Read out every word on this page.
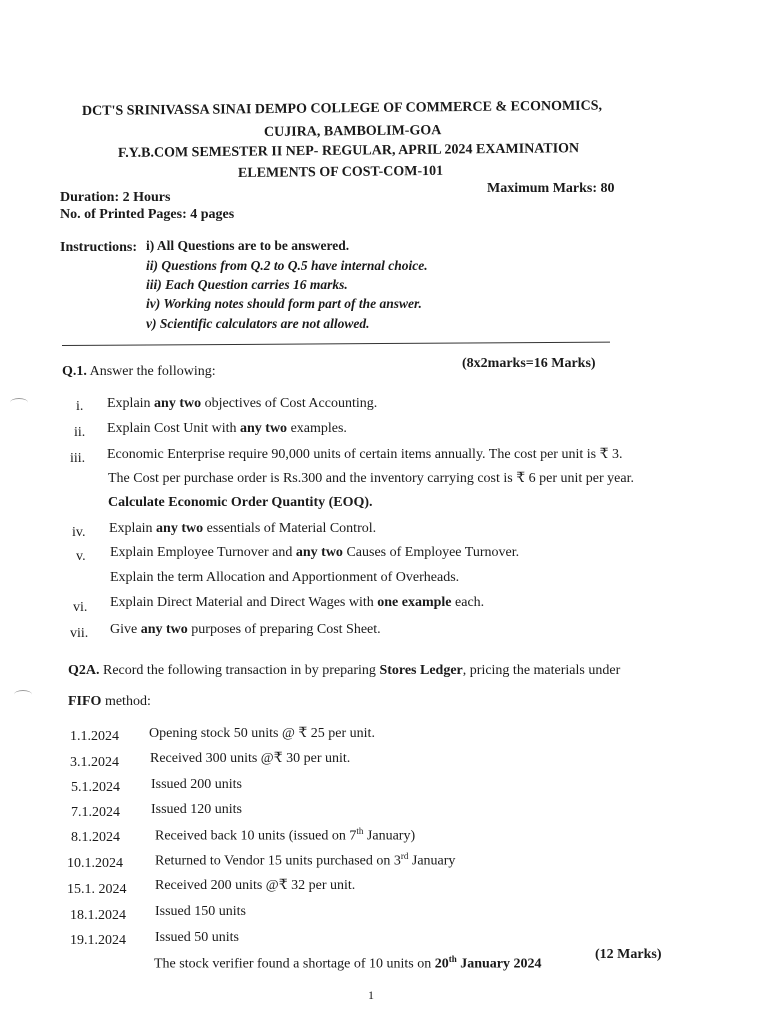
DCT'S SRINIVASSA SINAI DEMPO COLLEGE OF COMMERCE & ECONOMICS,
CUJIRA, BAMBOLIM-GOA
F.Y.B.COM SEMESTER II NEP- REGULAR, APRIL 2024 EXAMINATION
ELEMENTS OF COST-COM-101
Duration: 2 Hours
Maximum Marks: 80
No. of Printed Pages: 4 pages
Instructions: i) All Questions are to be answered.
ii) Questions from Q.2 to Q.5 have internal choice.
iii) Each Question carries 16 marks.
iv) Working notes should form part of the answer.
v) Scientific calculators are not allowed.
Q.1. Answer the following:
(8x2marks=16 Marks)
i. Explain any two objectives of Cost Accounting.
ii. Explain Cost Unit with any two examples.
iii. Economic Enterprise require 90,000 units of certain items annually. The cost per unit is ₹ 3.
The Cost per purchase order is Rs.300 and the inventory carrying cost is ₹ 6 per unit per year.
Calculate Economic Order Quantity (EOQ).
iv. Explain any two essentials of Material Control.
v. Explain Employee Turnover and any two Causes of Employee Turnover.
Explain the term Allocation and Apportionment of Overheads.
vi. Explain Direct Material and Direct Wages with one example each.
vii. Give any two purposes of preparing Cost Sheet.
Q2A. Record the following transaction in by preparing Stores Ledger, pricing the materials under
FIFO method:
1.1.2024 Opening stock 50 units @ ₹ 25 per unit.
3.1.2024 Received 300 units @₹ 30 per unit.
5.1.2024 Issued 200 units
7.1.2024 Issued 120 units
8.1.2024	Received back 10 units (issued on 7th January)
10.1.2024 Returned to Vendor 15 units purchased on 3rd January
15.1. 2024 Received 200 units @₹ 32 per unit.
18.1.2024 Issued 150 units
19.1.2024 Issued 50 units
The stock verifier found a shortage of 10 units on 20th January 2024
(12 Marks)
1
